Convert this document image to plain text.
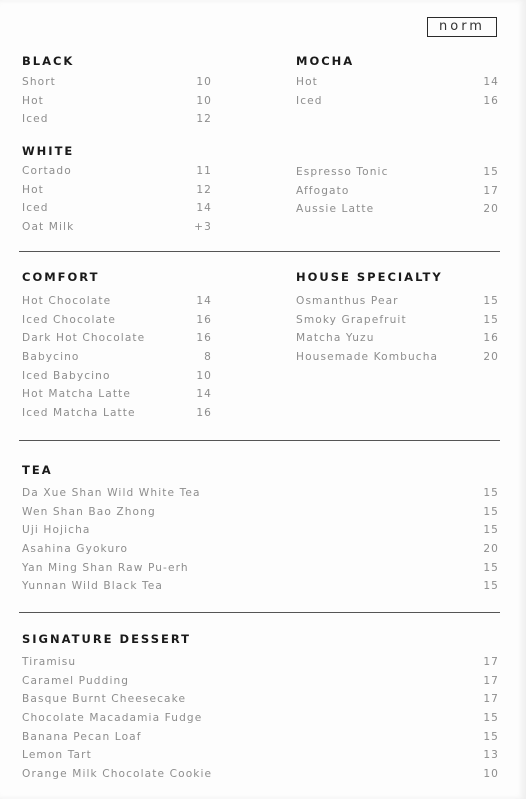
norm
BLACK
Short	10
Hot	10
Iced	12
WHITE
Cortado	11
Hot	12
Iced	14
Oat Milk	+3
MOCHA
Hot	14
Iced	16
Espresso Tonic	15
Affogato	17
Aussie Latte	20
COMFORT
Hot Chocolate	14
Iced Chocolate	16
Dark Hot Chocolate	16
Babycino	8
Iced Babycino	10
Hot Matcha Latte	14
Iced Matcha Latte	16
HOUSE SPECIALTY
Osmanthus Pear	15
Smoky Grapefruit	15
Matcha Yuzu	16
Housemade Kombucha	20
TEA
Da Xue Shan Wild White Tea	15
Wen Shan Bao Zhong	15
Uji Hojicha	15
Asahina Gyokuro	20
Yan Ming Shan Raw Pu-erh	15
Yunnan Wild Black Tea	15
SIGNATURE DESSERT
Tiramisu	17
Caramel Pudding	17
Basque Burnt Cheesecake	17
Chocolate Macadamia Fudge	15
Banana Pecan Loaf	15
Lemon Tart	13
Orange Milk Chocolate Cookie	10
